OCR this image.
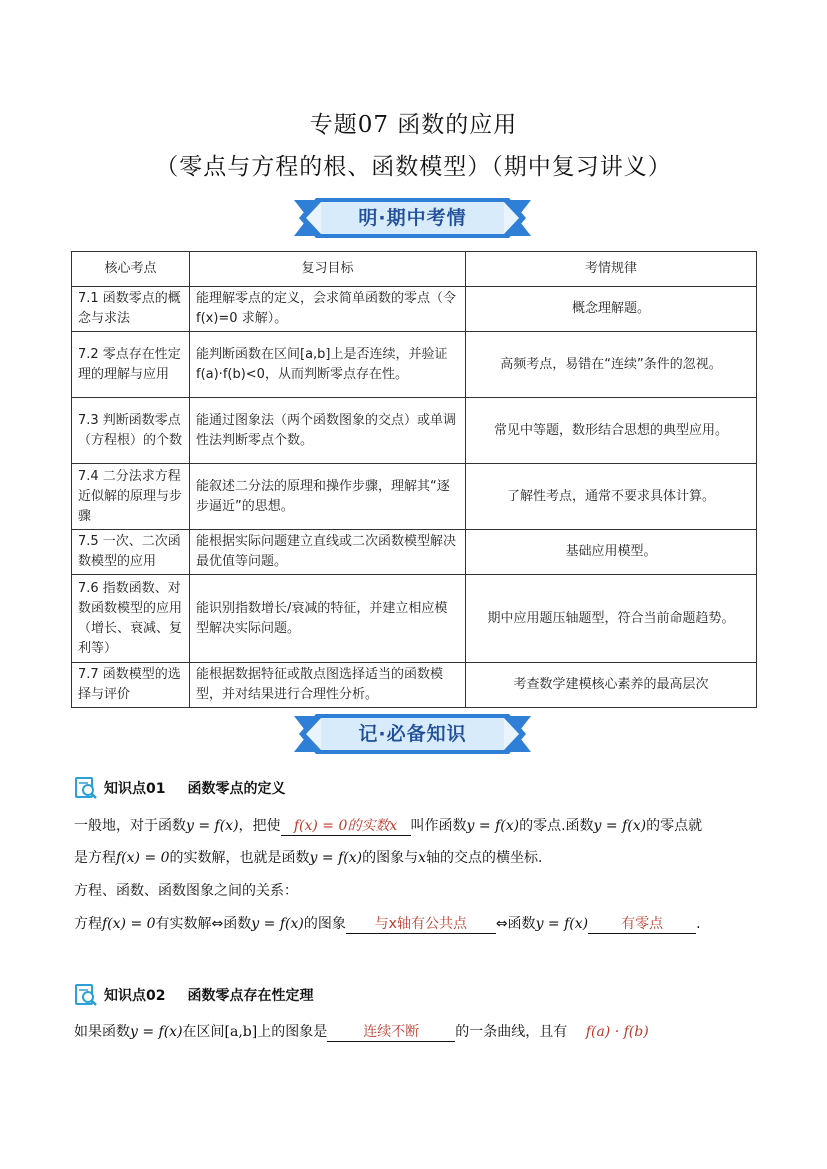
专题07 函数的应用
（零点与方程的根、函数模型）（期中复习讲义）
明·期中考情
核心考点	复习目标	考情规律
7.1 函数零点的概念与求法	能理解零点的定义，会求简单函数的零点（令 f(x)=0 求解）。	概念理解题。
7.2 零点存在性定理的理解与应用	能判断函数在区间[a,b]上是否连续，并验证 f(a)·f(b)<0，从而判断零点存在性。	高频考点，易错在“连续”条件的忽视。
7.3 判断函数零点（方程根）的个数	能通过图象法（两个函数图象的交点）或单调性法判断零点个数。	常见中等题，数形结合思想的典型应用。
7.4 二分法求方程近似解的原理与步骤	能叙述二分法的原理和操作步骤，理解其“逐步逼近”的思想。	了解性考点，通常不要求具体计算。
7.5 一次、二次函数模型的应用	能根据实际问题建立直线或二次函数模型解决最优值等问题。	基础应用模型。
7.6 指数函数、对数函数模型的应用（增长、衰减、复利等）	能识别指数增长/衰减的特征，并建立相应模型解决实际问题。	期中应用题压轴题型，符合当前命题趋势。
7.7 函数模型的选择与评价	能根据数据特征或散点图选择适当的函数模型，并对结果进行合理性分析。	考查数学建模核心素养的最高层次
记·必备知识
知识点01 函数零点的定义
一般地，对于函数y = f(x)，把使 f(x) = 0的实数x 叫作函数y = f(x)的零点.函数y = f(x)的零点就
是方程f(x) = 0的实数解，也就是函数y = f(x)的图象与x轴的交点的横坐标.
方程、函数、函数图象之间的关系：
方程f(x) = 0有实数解⇔函数y = f(x)的图象 与x轴有公共点 ⇔函数y = f(x) 有零点 .
知识点02 函数零点存在性定理
如果函数y = f(x)在区间[a,b]上的图象是	连续不断	的一条曲线，且有 f(a) · f(b)
